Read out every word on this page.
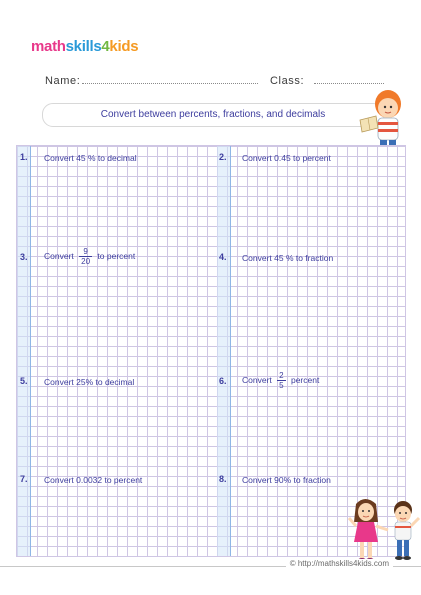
mathskills4kids
Name:	Class:
Convert between percents, fractions, and decimals
1. Convert 45 % to decimal	2. Convert 0.45 to percent
3. Convert $\frac{9}{20}$ to percent	4. Convert 45 % to fraction
5. Convert 25% to decimal	6. Convert $\frac{2}{5}$ percent
7. Convert 0.0032 to percent	8. Convert 90% to fraction
© http://mathskills4kids.com
